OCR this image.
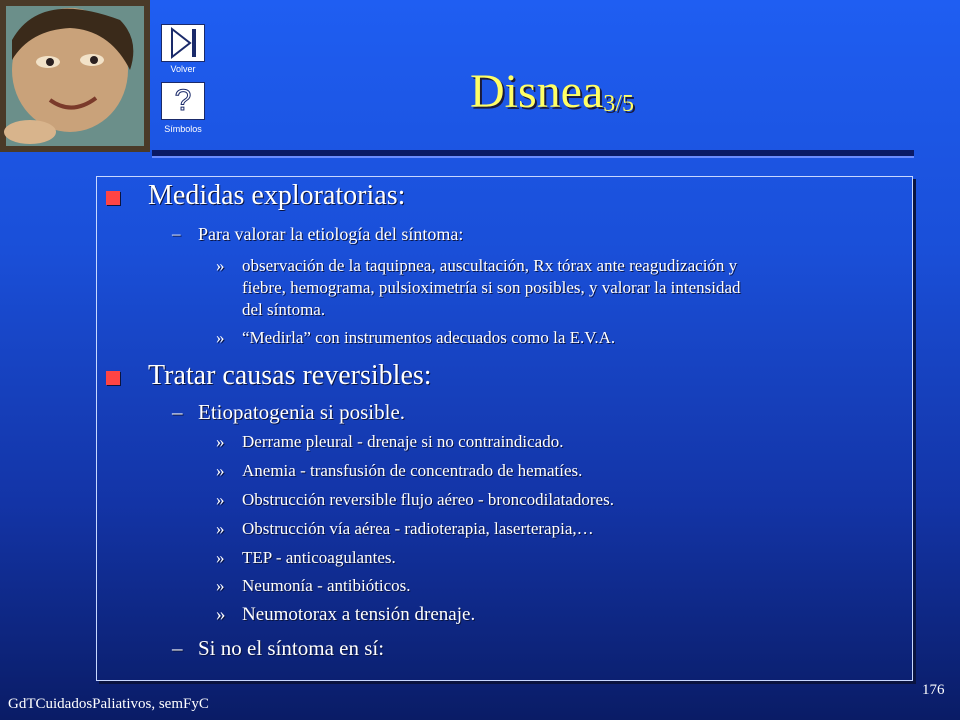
Volver
?
Símbolos
Disnea$_{3/5}$
Medidas exploratorias:
– Para valorar la etiología del síntoma:
» observación de la taquipnea, auscultación, Rx tórax ante reagudización y
fiebre, hemograma, pulsioximetría si son posibles, y valorar la intensidad
del síntoma.
» “Medirla” con instrumentos adecuados como la E.V.A.
Tratar causas reversibles:
– Etiopatogenia si posible.
» Derrame pleural - drenaje si no contraindicado.
» Anemia - transfusión de concentrado de hematíes.
» Obstrucción reversible flujo aéreo - broncodilatadores.
» Obstrucción vía aérea - radioterapia, laserterapia,…
» TEP - anticoagulantes.
» Neumonía - antibióticos.
» Neumotorax a tensión drenaje.
– Si no el síntoma en sí:
GdTCuidadosPaliativos, semFyC
176
